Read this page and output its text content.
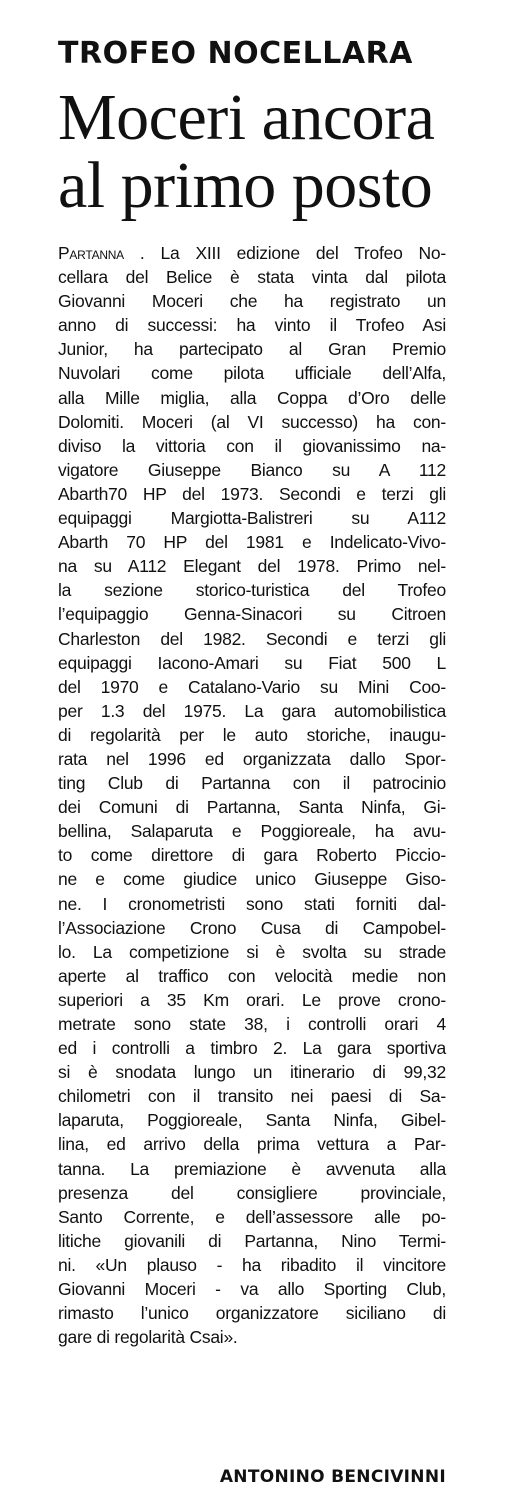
TROFEO NOCELLARA
Moceri ancora
al primo posto
Partanna . La XIII edizione del Trofeo No-
cellara del Belice è stata vinta dal pilota
Giovanni Moceri che ha registrato un
anno di successi: ha vinto il Trofeo Asi
Junior, ha partecipato al Gran Premio
Nuvolari come pilota ufficiale dell’Alfa,
alla Mille miglia, alla Coppa d’Oro delle
Dolomiti. Moceri (al VI successo) ha con-
diviso la vittoria con il giovanissimo na-
vigatore Giuseppe Bianco su A 112
Abarth70 HP del 1973. Secondi e terzi gli
equipaggi Margiotta-Balistreri su A112
Abarth 70 HP del 1981 e Indelicato-Vivo-
na su A112 Elegant del 1978. Primo nel-
la sezione storico-turistica del Trofeo
l’equipaggio Genna-Sinacori su Citroen
Charleston del 1982. Secondi e terzi gli
equipaggi Iacono-Amari su Fiat 500 L
del 1970 e Catalano-Vario su Mini Coo-
per 1.3 del 1975. La gara automobilistica
di regolarità per le auto storiche, inaugu-
rata nel 1996 ed organizzata dallo Spor-
ting Club di Partanna con il patrocinio
dei Comuni di Partanna, Santa Ninfa, Gi-
bellina, Salaparuta e Poggioreale, ha avu-
to come direttore di gara Roberto Piccio-
ne e come giudice unico Giuseppe Giso-
ne. I cronometristi sono stati forniti dal-
l’Associazione Crono Cusa di Campobel-
lo. La competizione si è svolta su strade
aperte al traffico con velocità medie non
superiori a 35 Km orari. Le prove crono-
metrate sono state 38, i controlli orari 4
ed i controlli a timbro 2. La gara sportiva
si è snodata lungo un itinerario di 99,32
chilometri con il transito nei paesi di Sa-
laparuta, Poggioreale, Santa Ninfa, Gibel-
lina, ed arrivo della prima vettura a Par-
tanna. La premiazione è avvenuta alla
presenza del consigliere provinciale,
Santo Corrente, e dell’assessore alle po-
litiche giovanili di Partanna, Nino Termi-
ni. «Un plauso - ha ribadito il vincitore
Giovanni Moceri - va allo Sporting Club,
rimasto l’unico organizzatore siciliano di
gare di regolarità Csai».

ANTONINO BENCIVINNI
